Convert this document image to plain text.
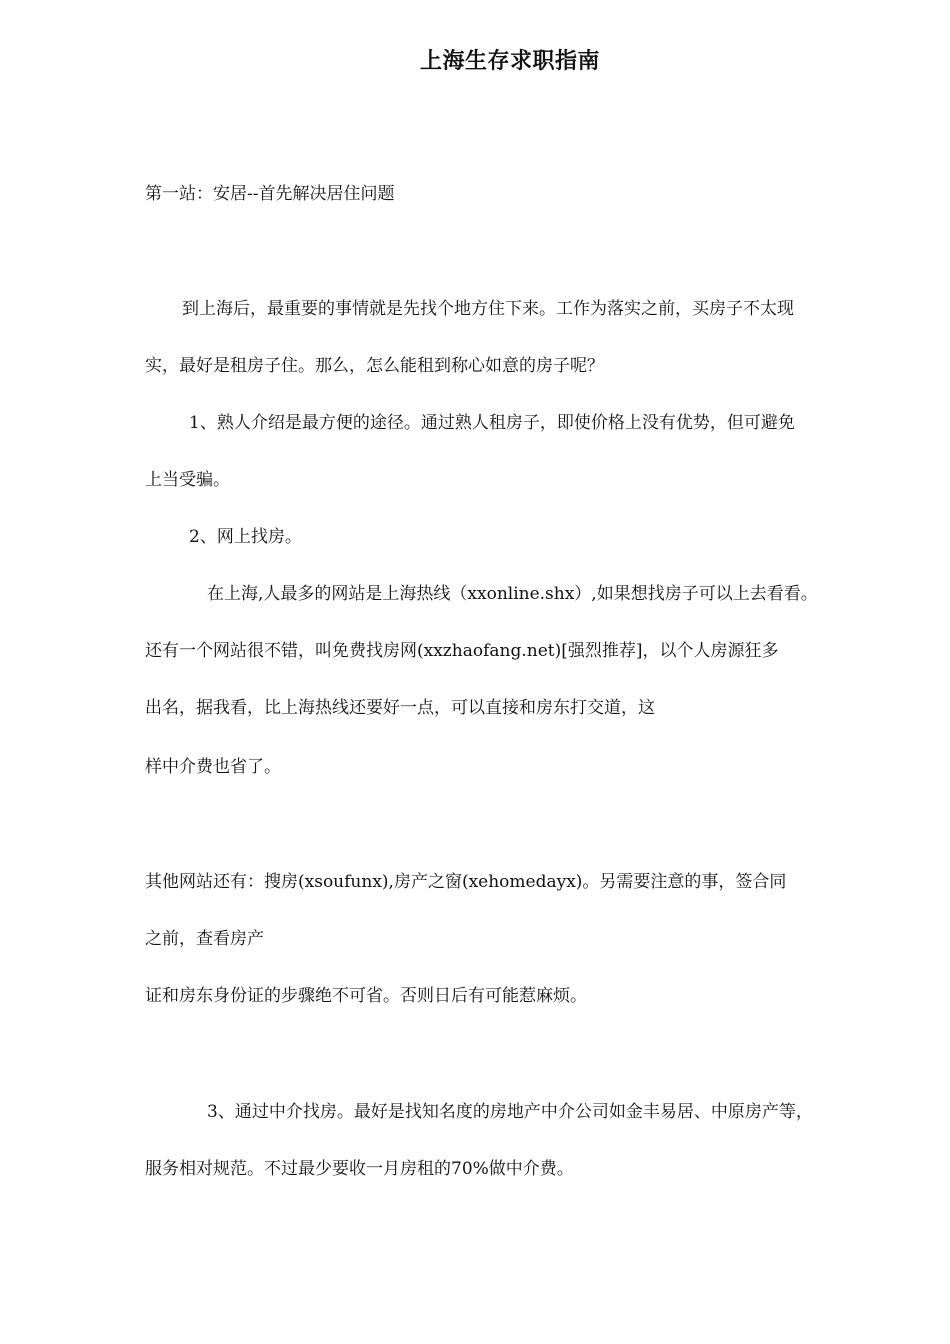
上海生存求职指南
第一站：安居--首先解决居住问题
到上海后，最重要的事情就是先找个地方住下来。工作为落实之前，买房子不太现
实，最好是租房子住。那么，怎么能租到称心如意的房子呢？
1、熟人介绍是最方便的途径。通过熟人租房子，即使价格上没有优势，但可避免
上当受骗。
2、网上找房。
在上海,人最多的网站是上海热线（xxonline.shx）,如果想找房子可以上去看看。
还有一个网站很不错，叫免费找房网(xxzhaofang.net)[强烈推荐]，以个人房源狂多
出名，据我看，比上海热线还要好一点，可以直接和房东打交道，这
样中介费也省了。
其他网站还有：搜房(xsoufunx),房产之窗(xehomedayx)。另需要注意的事，签合同
之前，查看房产
证和房东身份证的步骤绝不可省。否则日后有可能惹麻烦。
3、通过中介找房。最好是找知名度的房地产中介公司如金丰易居、中原房产等，
服务相对规范。不过最少要收一月房租的70%做中介费。
